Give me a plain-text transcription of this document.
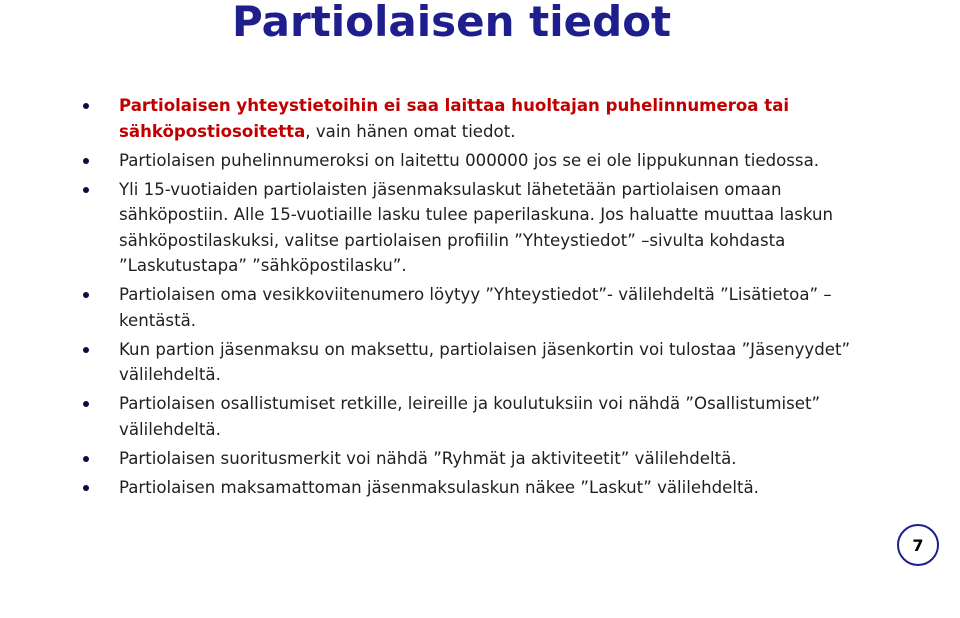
Partiolaisen tiedot
Partiolaisen yhteystietoihin ei saa laittaa huoltajan puhelinnumeroa tai sähköpostiosoitetta, vain hänen omat tiedot.
Partiolaisen puhelinnumeroksi on laitettu 000000 jos se ei ole lippukunnan tiedossa.
Yli 15-vuotiaiden partiolaisten jäsenmaksulaskut lähetetään partiolaisen omaan sähköpostiin. Alle 15-vuotiaille lasku tulee paperilaskuna. Jos haluatte muuttaa laskun sähköpostilaskuksi, valitse partiolaisen profiilin ”Yhteystiedot” –sivulta kohdasta ”Laskutustapa” ”sähköpostilasku”.
Partiolaisen oma vesikkoviitenumero löytyy ”Yhteystiedot”- välilehdeltä ”Lisätietoa” –kentästä.
Kun partion jäsenmaksu on maksettu, partiolaisen jäsenkortin voi tulostaa ”Jäsenyydet” välilehdeltä.
Partiolaisen osallistumiset retkille, leireille ja koulutuksiin voi nähdä ”Osallistumiset” välilehdeltä.
Partiolaisen suoritusmerkit voi nähdä ”Ryhmät ja aktiviteetit” välilehdeltä.
Partiolaisen maksamattoman jäsenmaksulaskun näkee ”Laskut” välilehdeltä.
7
